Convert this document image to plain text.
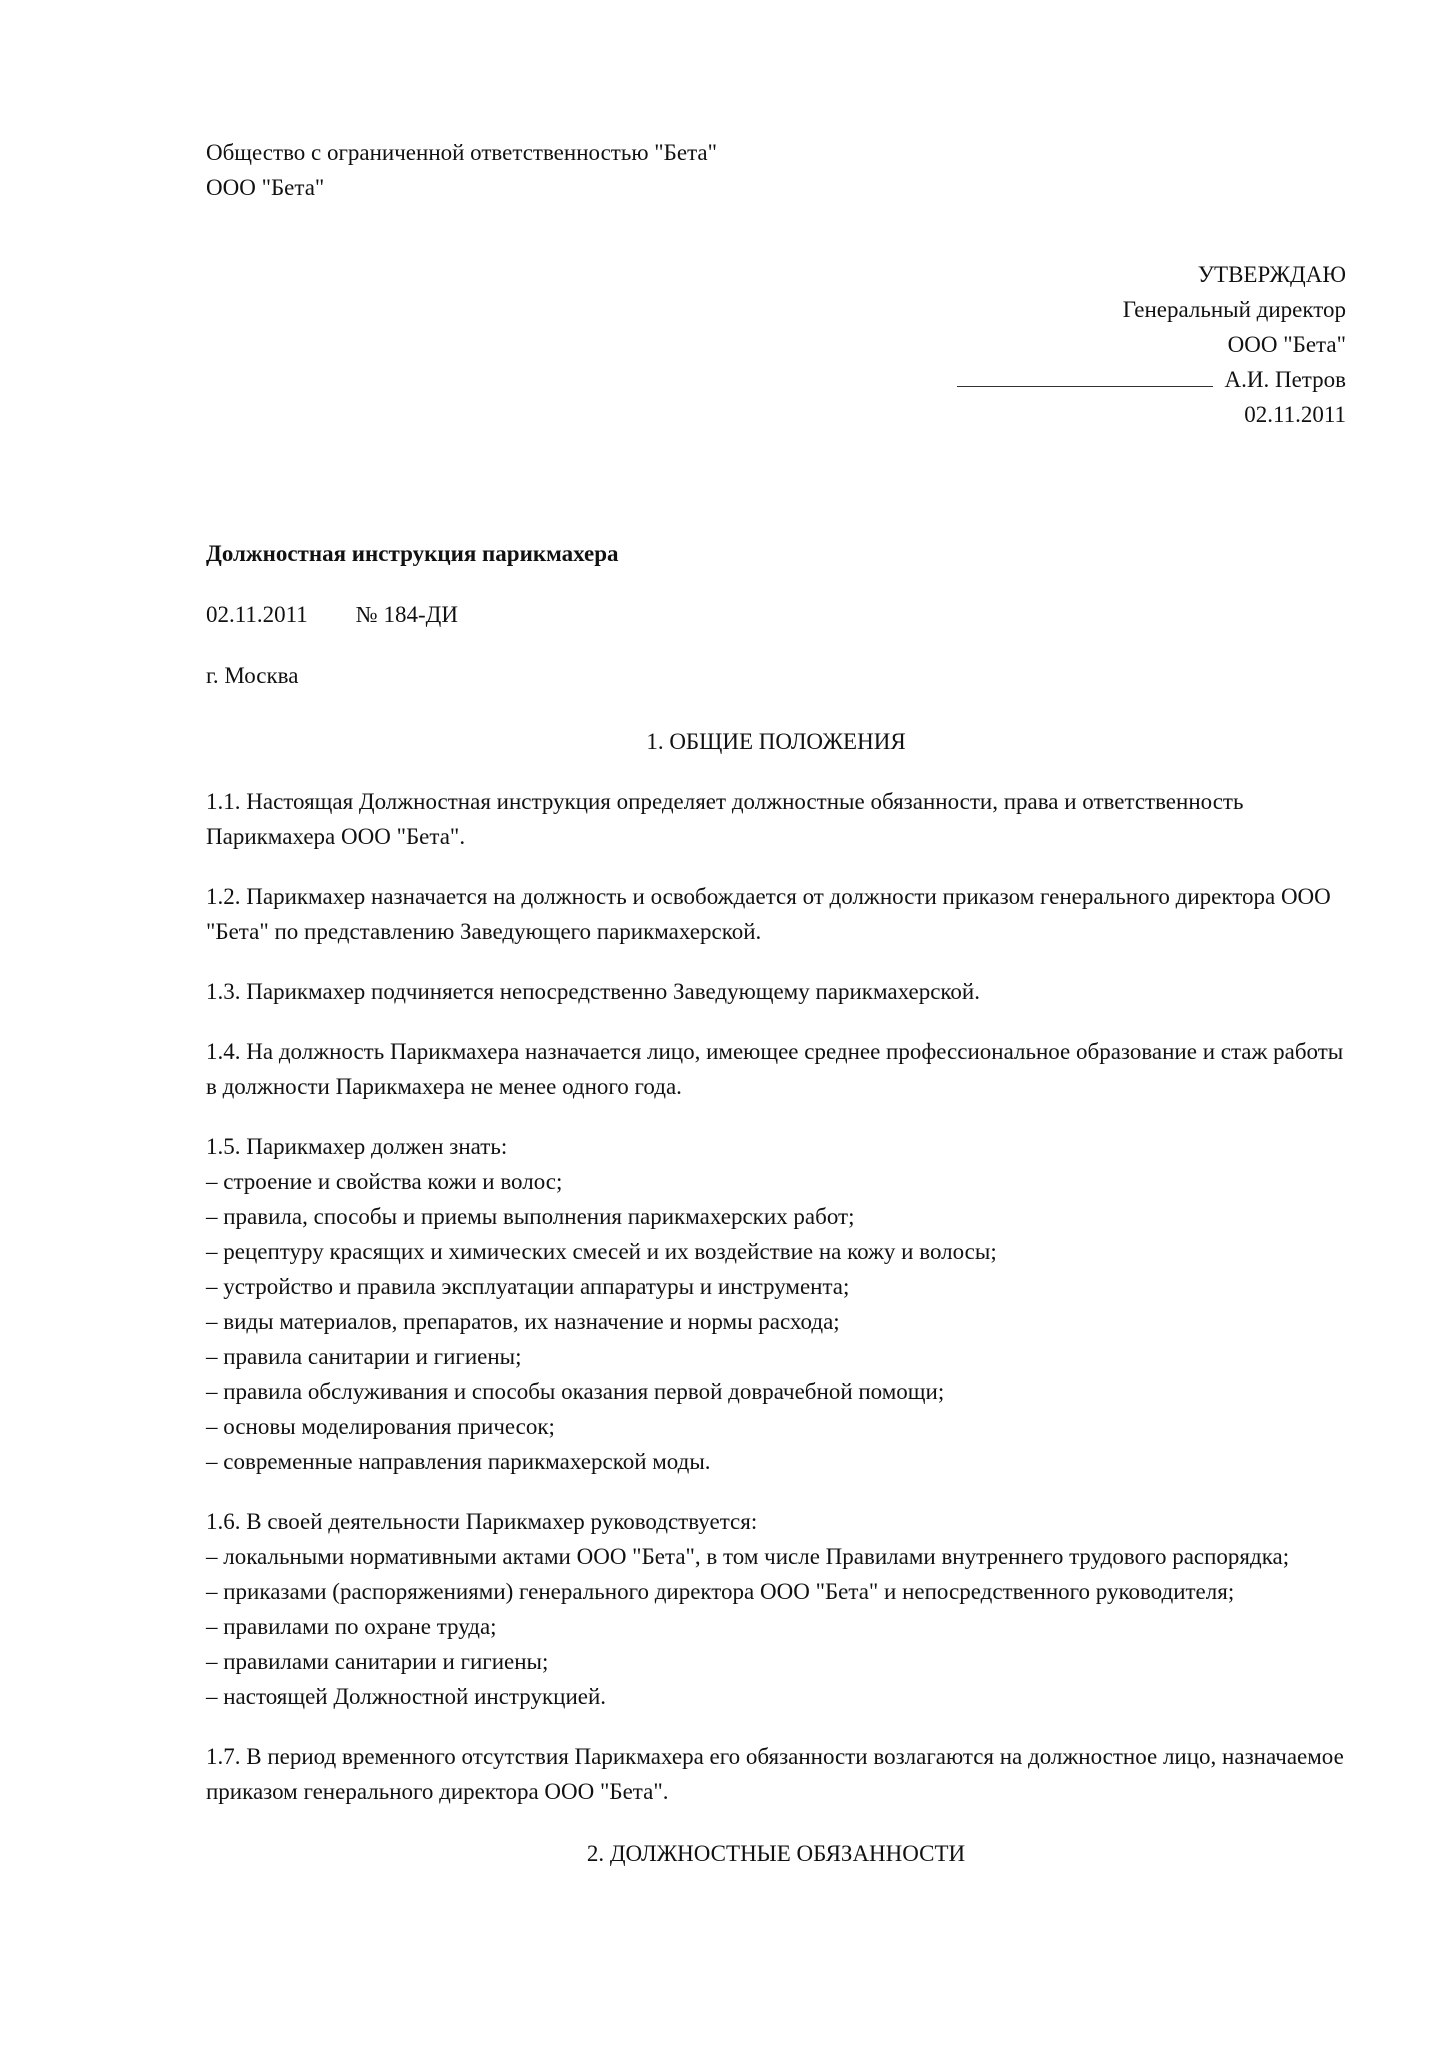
Общество с ограниченной ответственностью "Бета"

ООО "Бета"

УТВЕРЖДАЮ

Генеральный директор

ООО "Бета"

А.И. Петров

02.11.2011

Должностная инструкция парикмахера

02.11.2011 № 184-ДИ

г. Москва

1. ОБЩИЕ ПОЛОЖЕНИЯ

1.1. Настоящая Должностная инструкция определяет должностные обязанности, права и ответственность Парикмахера ООО "Бета".

1.2. Парикмахер назначается на должность и освобождается от должности приказом генерального директора ООО "Бета" по представлению Заведующего парикмахерской.

1.3. Парикмахер подчиняется непосредственно Заведующему парикмахерской.

1.4. На должность Парикмахера назначается лицо, имеющее среднее профессиональное образование и стаж работы в должности Парикмахера не менее одного года.

1.5. Парикмахер должен знать:
– строение и свойства кожи и волос;
– правила, способы и приемы выполнения парикмахерских работ;
– рецептуру красящих и химических смесей и их воздействие на кожу и волосы;
– устройство и правила эксплуатации аппаратуры и инструмента;
– виды материалов, препаратов, их назначение и нормы расхода;
– правила санитарии и гигиены;
– правила обслуживания и способы оказания первой доврачебной помощи;
– основы моделирования причесок;
– современные направления парикмахерской моды.
1.6. В своей деятельности Парикмахер руководствуется:
– локальными нормативными актами ООО "Бета", в том числе Правилами внутреннего трудового распорядка;
– приказами (распоряжениями) генерального директора ООО "Бета" и непосредственного руководителя;
– правилами по охране труда;
– правилами санитарии и гигиены;
– настоящей Должностной инструкцией.

1.7. В период временного отсутствия Парикмахера его обязанности возлагаются на должностное лицо, назначаемое приказом генерального директора ООО "Бета".

2. ДОЛЖНОСТНЫЕ ОБЯЗАННОСТИ
